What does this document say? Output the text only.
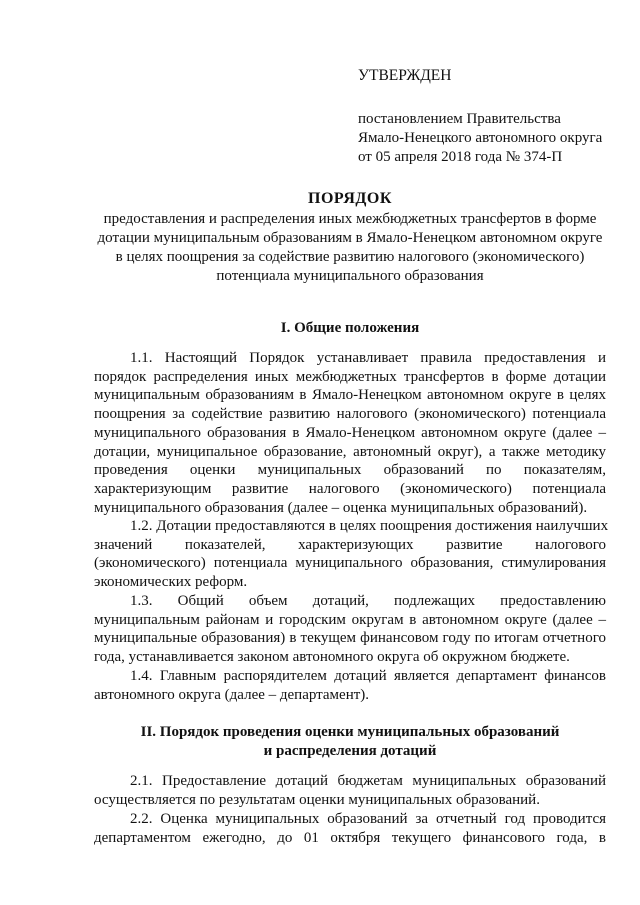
УТВЕРЖДЕН
постановлением Правительства
Ямало-Ненецкого автономного округа
от 05 апреля 2018 года № 374-П
ПОРЯДОК
предоставления и распределения иных межбюджетных трансфертов в форме
дотации муниципальным образованиям в Ямало-Ненецком автономном округе
в целях поощрения за содействие развитию налогового (экономического)
потенциала муниципального образования
I. Общие положения
1.1. Настоящий Порядок устанавливает правила предоставления и
порядок распределения иных межбюджетных трансфертов в форме дотации
муниципальным образованиям в Ямало-Ненецком автономном округе в целях
поощрения за содействие развитию налогового (экономического) потенциала
муниципального образования в Ямало-Ненецком автономном округе (далее –
дотации, муниципальное образование, автономный округ), а также методику
проведения оценки муниципальных образований по показателям,
характеризующим развитие налогового (экономического) потенциала
муниципального образования (далее – оценка муниципальных образований).
1.2. Дотации предоставляются в целях поощрения достижения наилучших
значений показателей, характеризующих развитие налогового
(экономического) потенциала муниципального образования, стимулирования
экономических реформ.
1.3. Общий объем дотаций, подлежащих предоставлению
муниципальным районам и городским округам в автономном округе (далее –
муниципальные образования) в текущем финансовом году по итогам отчетного
года, устанавливается законом автономного округа об окружном бюджете.
1.4. Главным распорядителем дотаций является департамент финансов
автономного округа (далее – департамент).
II. Порядок проведения оценки муниципальных образований
и распределения дотаций
2.1. Предоставление дотаций бюджетам муниципальных образований
осуществляется по результатам оценки муниципальных образований.
2.2. Оценка муниципальных образований за отчетный год проводится
департаментом ежегодно, до 01 октября текущего финансового года, в
